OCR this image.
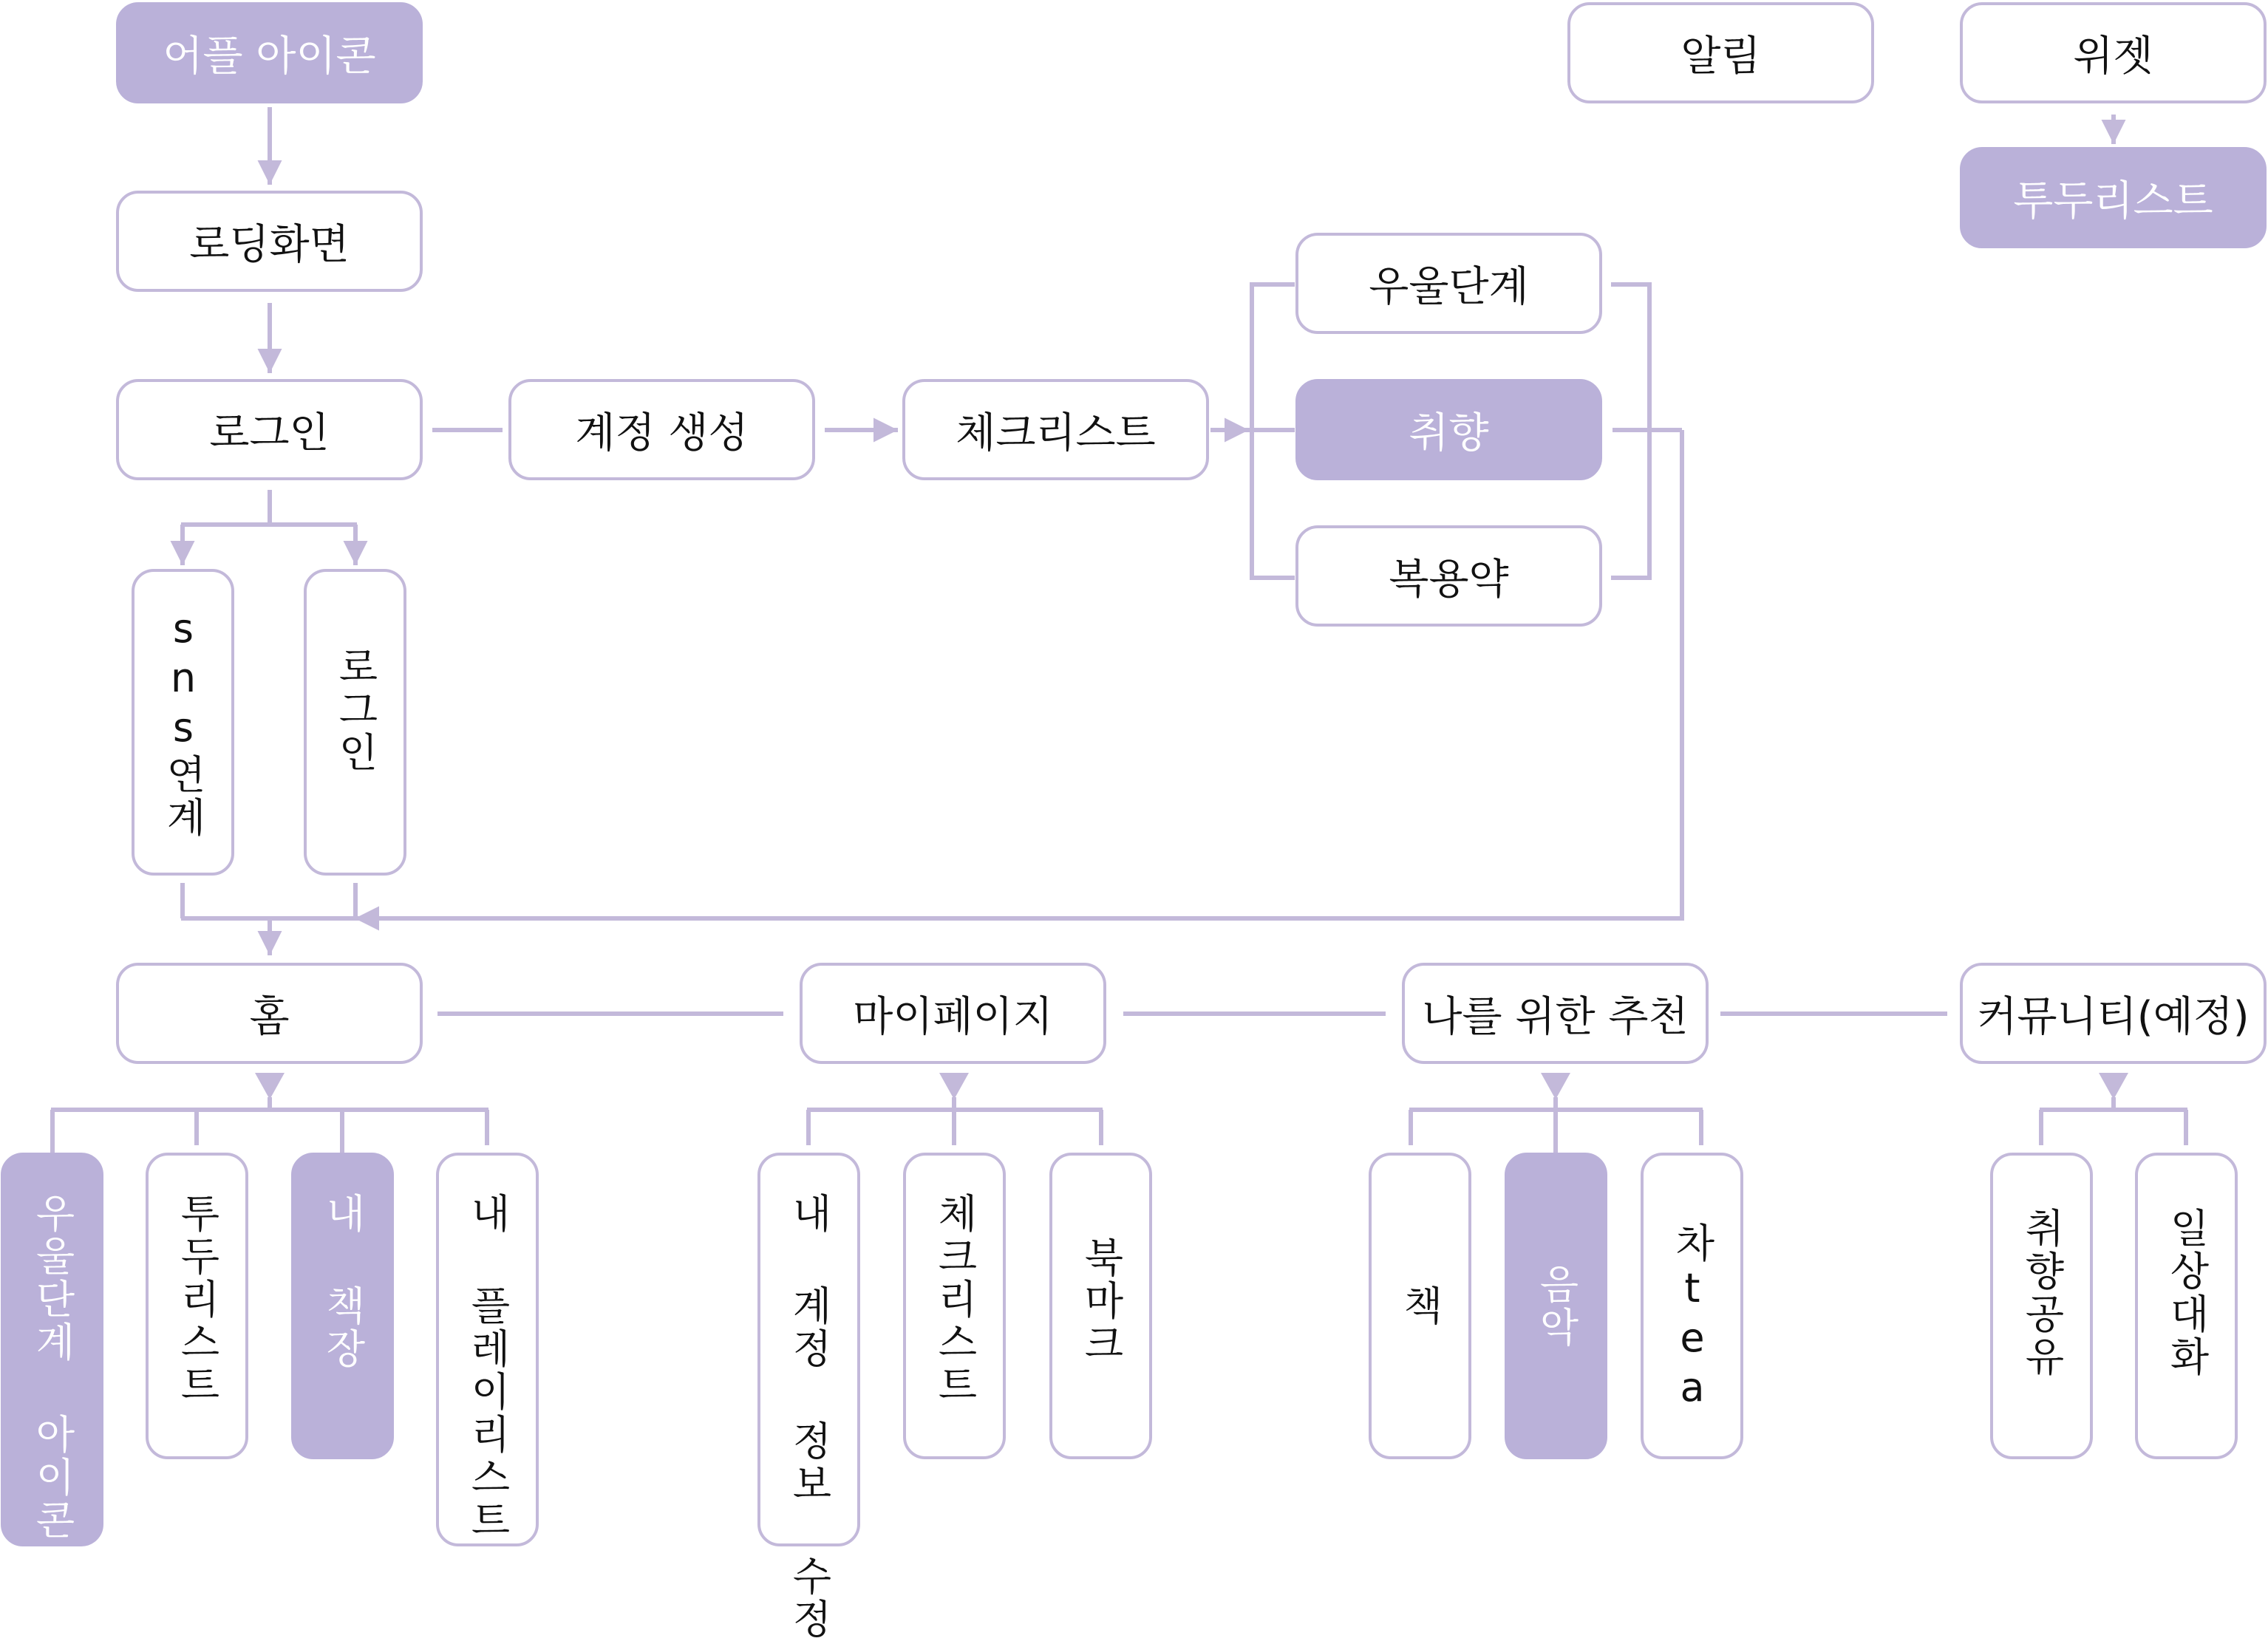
어플 아이콘
로딩화면
로그인	계정 생성	체크리스트
우울단계
취향
복용약
알림	위젯
투두리스트
sns연계	로그인
홈	마이페이지	나를 위한 추천	커뮤니티(예정)
우울단계 아이콘 투두리스트 내 책장 내 플레이리스트	내 계정 정보 수정 체크리스트	북마크	책 음악 차tea	취향공유 일상대화
